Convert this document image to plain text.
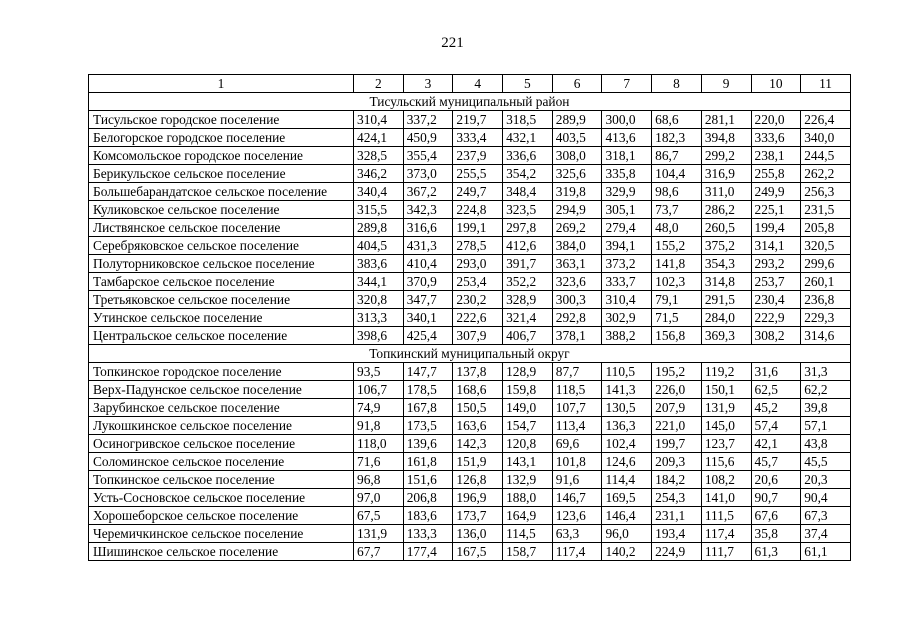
221
1	2	3	4	5	6	7	8	9	10	11
Тисульский муниципальный район										
Тисульское городское поселение	310,4	337,2	219,7	318,5	289,9	300,0	68,6	281,1	220,0	226,4
Белогорское городское поселение	424,1	450,9	333,4	432,1	403,5	413,6	182,3	394,8	333,6	340,0
Комсомольское городское поселение	328,5	355,4	237,9	336,6	308,0	318,1	86,7	299,2	238,1	244,5
Берикульское сельское поселение	346,2	373,0	255,5	354,2	325,6	335,8	104,4	316,9	255,8	262,2
Большебарандатское сельское поселение	340,4	367,2	249,7	348,4	319,8	329,9	98,6	311,0	249,9	256,3
Куликовское сельское поселение	315,5	342,3	224,8	323,5	294,9	305,1	73,7	286,2	225,1	231,5
Листвянское сельское поселение	289,8	316,6	199,1	297,8	269,2	279,4	48,0	260,5	199,4	205,8
Серебряковское сельское поселение	404,5	431,3	278,5	412,6	384,0	394,1	155,2	375,2	314,1	320,5
Полуторниковское сельское поселение	383,6	410,4	293,0	391,7	363,1	373,2	141,8	354,3	293,2	299,6
Тамбарское сельское поселение	344,1	370,9	253,4	352,2	323,6	333,7	102,3	314,8	253,7	260,1
Третьяковское сельское поселение	320,8	347,7	230,2	328,9	300,3	310,4	79,1	291,5	230,4	236,8
Утинское сельское поселение	313,3	340,1	222,6	321,4	292,8	302,9	71,5	284,0	222,9	229,3
Центральское сельское поселение	398,6	425,4	307,9	406,7	378,1	388,2	156,8	369,3	308,2	314,6
Топкинский муниципальный округ										
Топкинское городское поселение	93,5	147,7	137,8	128,9	87,7	110,5	195,2	119,2	31,6	31,3
Верх-Падунское сельское поселение	106,7	178,5	168,6	159,8	118,5	141,3	226,0	150,1	62,5	62,2
Зарубинское сельское поселение	74,9	167,8	150,5	149,0	107,7	130,5	207,9	131,9	45,2	39,8
Лукошкинское сельское поселение	91,8	173,5	163,6	154,7	113,4	136,3	221,0	145,0	57,4	57,1
Осиногривское сельское поселение	118,0	139,6	142,3	120,8	69,6	102,4	199,7	123,7	42,1	43,8
Соломинское сельское поселение	71,6	161,8	151,9	143,1	101,8	124,6	209,3	115,6	45,7	45,5
Топкинское сельское поселение	96,8	151,6	126,8	132,9	91,6	114,4	184,2	108,2	20,6	20,3
Усть-Сосновское сельское поселение	97,0	206,8	196,9	188,0	146,7	169,5	254,3	141,0	90,7	90,4
Хорошеборское сельское поселение	67,5	183,6	173,7	164,9	123,6	146,4	231,1	111,5	67,6	67,3
Черемичкинское сельское поселение	131,9	133,3	136,0	114,5	63,3	96,0	193,4	117,4	35,8	37,4
Шишинское сельское поселение	67,7	177,4	167,5	158,7	117,4	140,2	224,9	111,7	61,3	61,1
